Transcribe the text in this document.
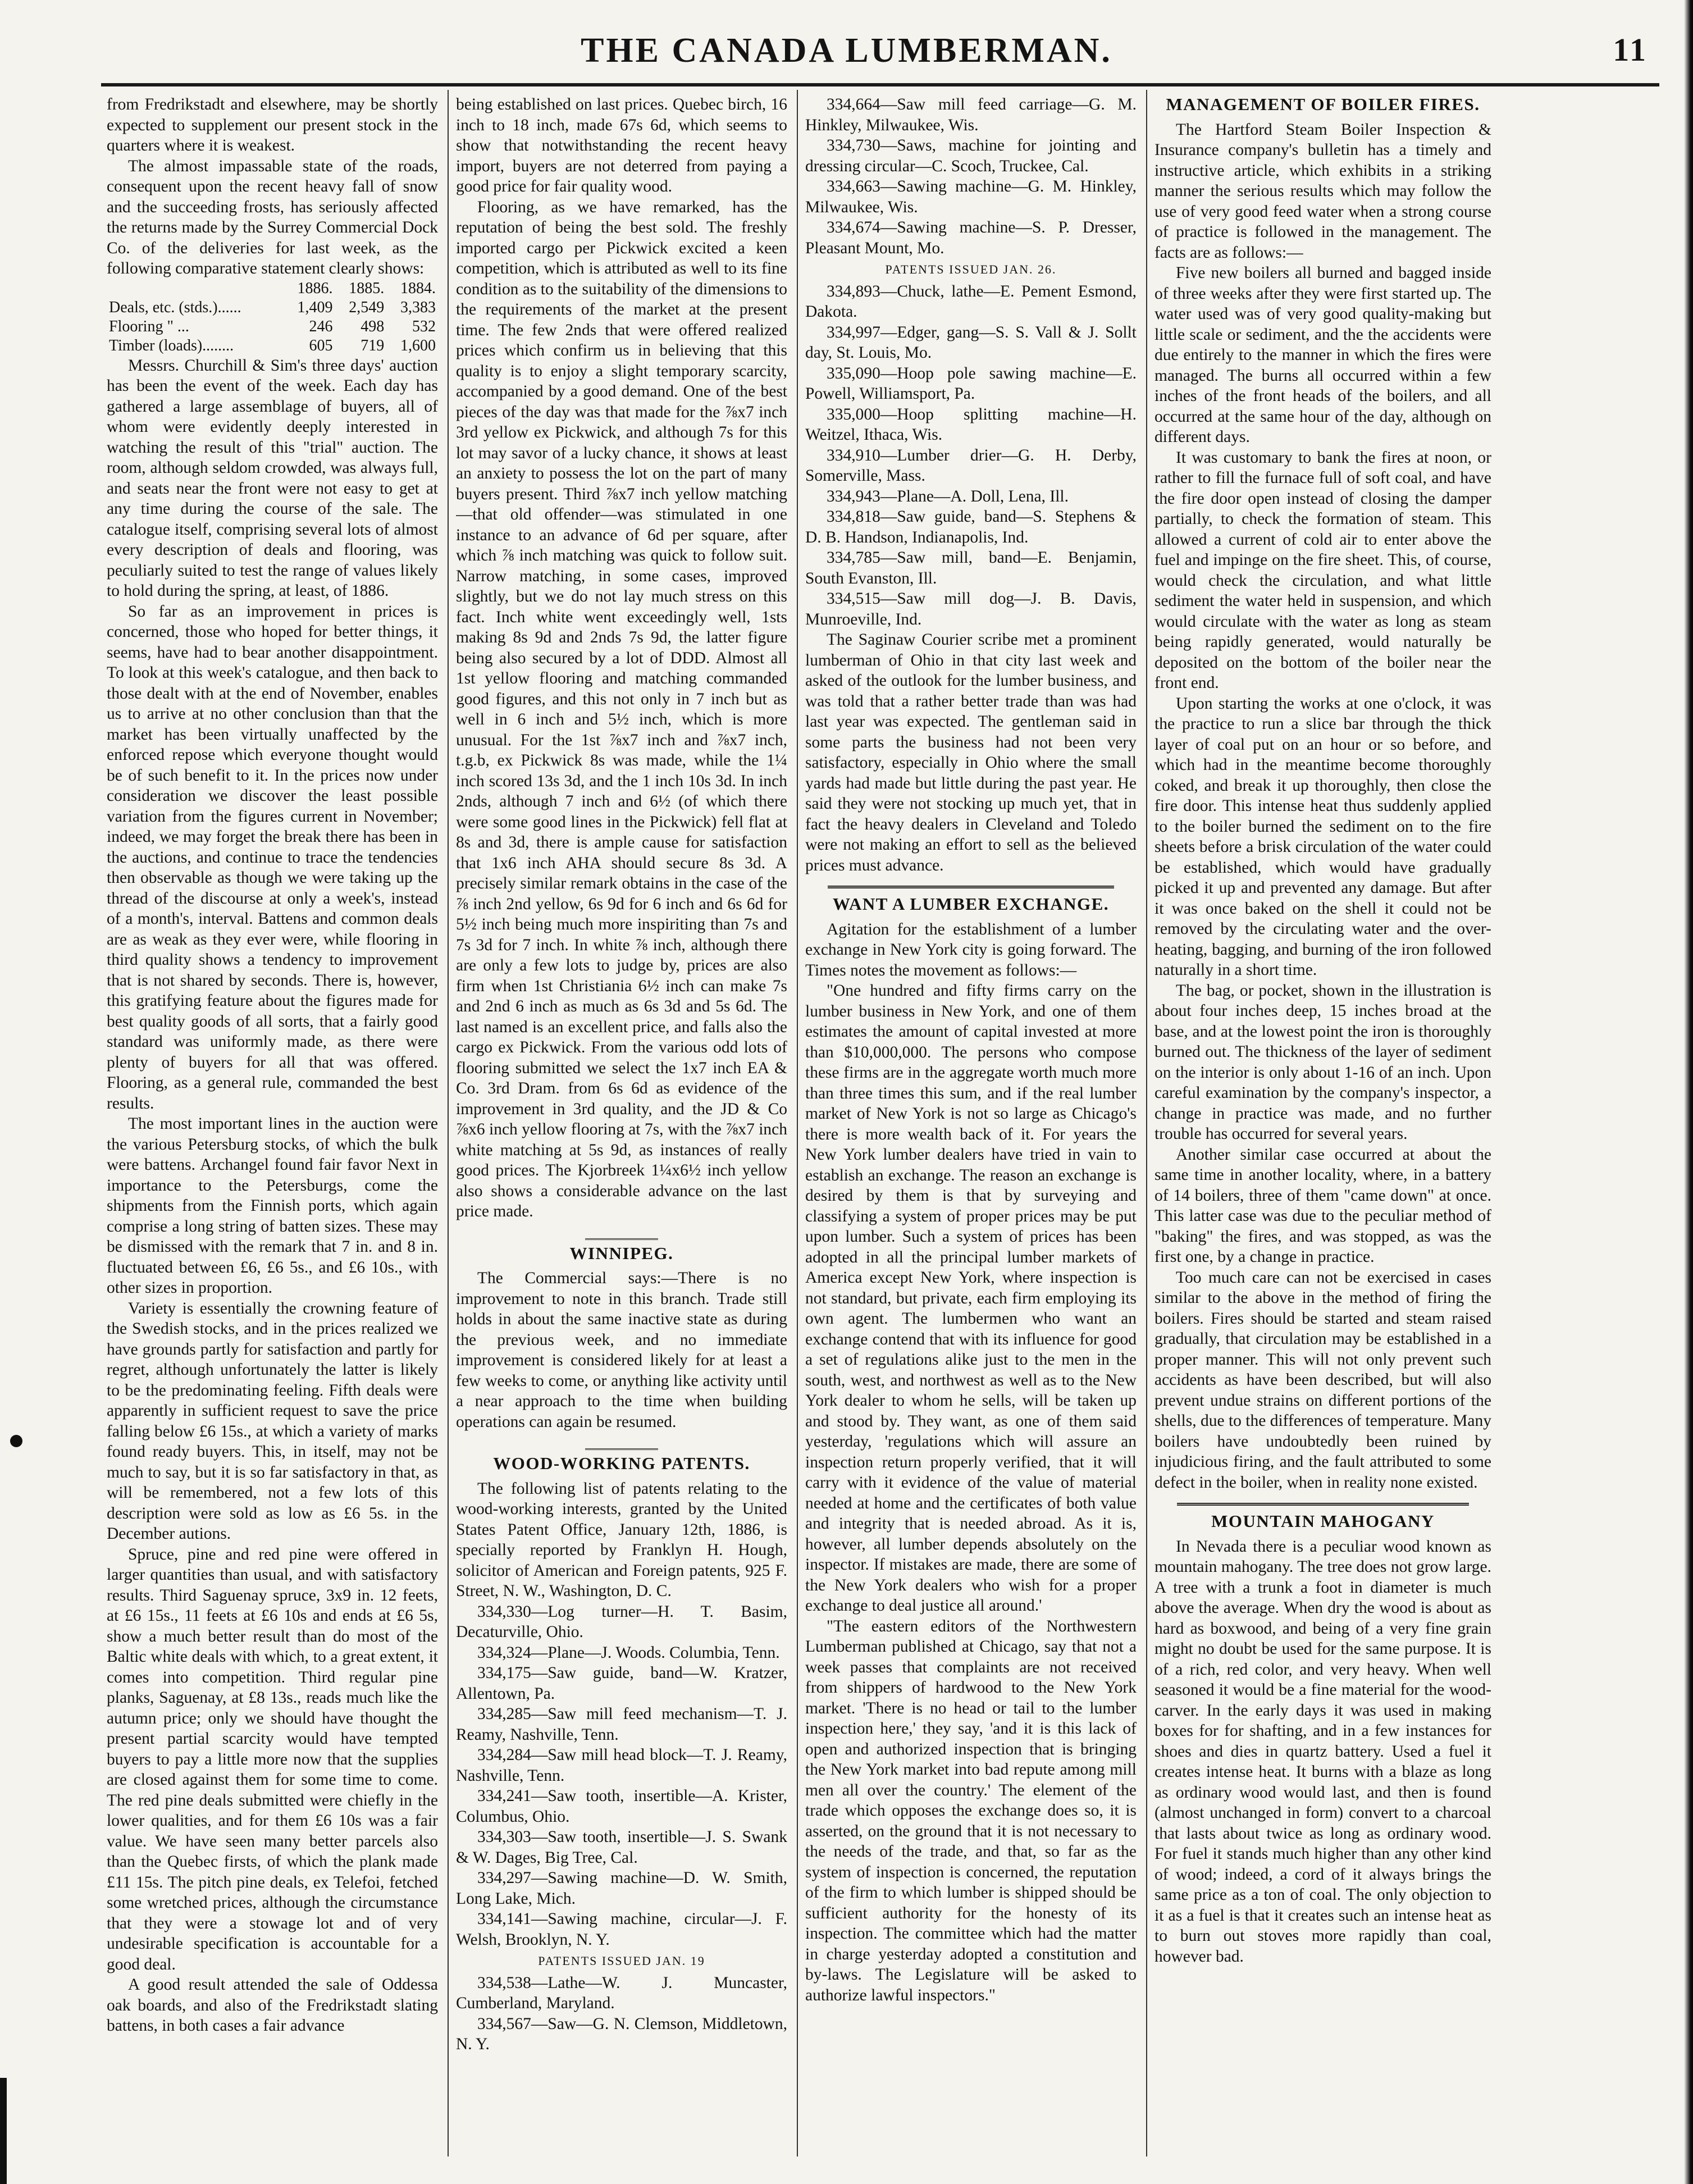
THE CANADA LUMBERMAN.	11

from Fredrikstadt and elsewhere, may be shortly expected to supplement our present stock in the quarters where it is weakest.

The almost impassable state of the roads, consequent upon the recent heavy fall of snow and the succeeding frosts, has seriously affected the returns made by the Surrey Commercial Dock Co. of the deliveries for last week, as the following comparative statement clearly shows:

	1886.	1885.	1884.
Deals, etc. (stds.)......	1,409	2,549	3,383
Flooring " ...	246	498	532
Timber (loads)........	605	719	1,600

Messrs. Churchill & Sim's three days' auction has been the event of the week. Each day has gathered a large assemblage of buyers, all of whom were evidently deeply interested in watching the result of this "trial" auction. The room, although seldom crowded, was always full, and seats near the front were not easy to get at any time during the course of the sale. The catalogue itself, comprising several lots of almost every description of deals and flooring, was peculiarly suited to test the range of values likely to hold during the spring, at least, of 1886.

So far as an improvement in prices is concerned, those who hoped for better things, it seems, have had to bear another disappointment. To look at this week's catalogue, and then back to those dealt with at the end of November, enables us to arrive at no other conclusion than that the market has been virtually unaffected by the enforced repose which everyone thought would be of such benefit to it. In the prices now under consideration we discover the least possible variation from the figures current in November; indeed, we may forget the break there has been in the auctions, and continue to trace the tendencies then observable as though we were taking up the thread of the discourse at only a week's, instead of a month's, interval. Battens and common deals are as weak as they ever were, while flooring in third quality shows a tendency to improvement that is not shared by seconds. There is, however, this gratifying feature about the figures made for best quality goods of all sorts, that a fairly good standard was uniformly made, as there were plenty of buyers for all that was offered. Flooring, as a general rule, commanded the best results.

The most important lines in the auction were the various Petersburg stocks, of which the bulk were battens. Archangel found fair favor Next in importance to the Petersburgs, come the shipments from the Finnish ports, which again comprise a long string of batten sizes. These may be dismissed with the remark that 7 in. and 8 in. fluctuated between £6, £6 5s., and £6 10s., with other sizes in proportion.

Variety is essentially the crowning feature of the Swedish stocks, and in the prices realized we have grounds partly for satisfaction and partly for regret, although unfortunately the latter is likely to be the predominating feeling. Fifth deals were apparently in sufficient request to save the price falling below £6 15s., at which a variety of marks found ready buyers. This, in itself, may not be much to say, but it is so far satisfactory in that, as will be remembered, not a few lots of this description were sold as low as £6 5s. in the December autions.

Spruce, pine and red pine were offered in larger quantities than usual, and with satisfactory results. Third Saguenay spruce, 3x9 in. 12 feets, at £6 15s., 11 feets at £6 10s and ends at £6 5s, show a much better result than do most of the Baltic white deals with which, to a great extent, it comes into competition. Third regular pine planks, Saguenay, at £8 13s., reads much like the autumn price; only we should have thought the present partial scarcity would have tempted buyers to pay a little more now that the supplies are closed against them for some time to come. The red pine deals submitted were chiefly in the lower qualities, and for them £6 10s was a fair value. We have seen many better parcels also than the Quebec firsts, of which the plank made £11 15s. The pitch pine deals, ex Telefoi, fetched some wretched prices, although the circumstance that they were a stowage lot and of very undesirable specification is accountable for a good deal.

A good result attended the sale of Oddessa oak boards, and also of the Fredrikstadt slating battens, in both cases a fair advance

being established on last prices. Quebec birch, 16 inch to 18 inch, made 67s 6d, which seems to show that notwithstanding the recent heavy import, buyers are not deterred from paying a good price for fair quality wood.

Flooring, as we have remarked, has the reputation of being the best sold. The freshly imported cargo per Pickwick excited a keen competition, which is attributed as well to its fine condition as to the suitability of the dimensions to the requirements of the market at the present time. The few 2nds that were offered realized prices which confirm us in believing that this quality is to enjoy a slight temporary scarcity, accompanied by a good demand. One of the best pieces of the day was that made for the ⅞x7 inch 3rd yellow ex Pickwick, and although 7s for this lot may savor of a lucky chance, it shows at least an anxiety to possess the lot on the part of many buyers present. Third ⅞x7 inch yellow matching—that old offender—was stimulated in one instance to an advance of 6d per square, after which ⅞ inch matching was quick to follow suit. Narrow matching, in some cases, improved slightly, but we do not lay much stress on this fact. Inch white went exceedingly well, 1sts making 8s 9d and 2nds 7s 9d, the latter figure being also secured by a lot of DDD. Almost all 1st yellow flooring and matching commanded good figures, and this not only in 7 inch but as well in 6 inch and 5½ inch, which is more unusual. For the 1st ⅞x7 inch and ⅞x7 inch, t.g.b, ex Pickwick 8s was made, while the 1¼ inch scored 13s 3d, and the 1 inch 10s 3d. In inch 2nds, although 7 inch and 6½ (of which there were some good lines in the Pickwick) fell flat at 8s and 3d, there is ample cause for satisfaction that 1x6 inch AHA should secure 8s 3d. A precisely similar remark obtains in the case of the ⅞ inch 2nd yellow, 6s 9d for 6 inch and 6s 6d for 5½ inch being much more inspiriting than 7s and 7s 3d for 7 inch. In white ⅞ inch, although there are only a few lots to judge by, prices are also firm when 1st Christiania 6½ inch can make 7s and 2nd 6 inch as much as 6s 3d and 5s 6d. The last named is an excellent price, and falls also the cargo ex Pickwick. From the various odd lots of flooring submitted we select the 1x7 inch EA & Co. 3rd Dram. from 6s 6d as evidence of the improvement in 3rd quality, and the JD & Co ⅞x6 inch yellow flooring at 7s, with the ⅞x7 inch white matching at 5s 9d, as instances of really good prices. The Kjorbreek 1¼x6½ inch yellow also shows a considerable advance on the last price made.

WINNIPEG.

The Commercial says:—There is no improvement to note in this branch. Trade still holds in about the same inactive state as during the previous week, and no immediate improvement is considered likely for at least a few weeks to come, or anything like activity until a near approach to the time when building operations can again be resumed.

WOOD-WORKING PATENTS.

The following list of patents relating to the wood-working interests, granted by the United States Patent Office, January 12th, 1886, is specially reported by Franklyn H. Hough, solicitor of American and Foreign patents, 925 F. Street, N. W., Washington, D. C.

334,330—Log turner—H. T. Basim, Decaturville, Ohio.

334,324—Plane—J. Woods. Columbia, Tenn.

334,175—Saw guide, band—W. Kratzer, Allentown, Pa.

334,285—Saw mill feed mechanism—T. J. Reamy, Nashville, Tenn.

334,284—Saw mill head block—T. J. Reamy, Nashville, Tenn.

334,241—Saw tooth, insertible—A. Krister, Columbus, Ohio.

334,303—Saw tooth, insertible—J. S. Swank & W. Dages, Big Tree, Cal.

334,297—Sawing machine—D. W. Smith, Long Lake, Mich.

334,141—Sawing machine, circular—J. F. Welsh, Brooklyn, N. Y.

PATENTS ISSUED JAN. 19

334,538—Lathe—W. J. Muncaster, Cumberland, Maryland.

334,567—Saw—G. N. Clemson, Middletown, N. Y.

334,664—Saw mill feed carriage—G. M. Hinkley, Milwaukee, Wis.

334,730—Saws, machine for jointing and dressing circular—C. Scoch, Truckee, Cal.

334,663—Sawing machine—G. M. Hinkley, Milwaukee, Wis.

334,674—Sawing machine—S. P. Dresser, Pleasant Mount, Mo.

PATENTS ISSUED JAN. 26.

334,893—Chuck, lathe—E. Pement Esmond, Dakota.

334,997—Edger, gang—S. S. Vall & J. Sollt day, St. Louis, Mo.

335,090—Hoop pole sawing machine—E. Powell, Williamsport, Pa.

335,000—Hoop splitting machine—H. Weitzel, Ithaca, Wis.

334,910—Lumber drier—G. H. Derby, Somerville, Mass.

334,943—Plane—A. Doll, Lena, Ill.

334,818—Saw guide, band—S. Stephens & D. B. Handson, Indianapolis, Ind.

334,785—Saw mill, band—E. Benjamin, South Evanston, Ill.

334,515—Saw mill dog—J. B. Davis, Munroeville, Ind.

The Saginaw Courier scribe met a prominent lumberman of Ohio in that city last week and asked of the outlook for the lumber business, and was told that a rather better trade than was had last year was expected. The gentleman said in some parts the business had not been very satisfactory, especially in Ohio where the small yards had made but little during the past year. He said they were not stocking up much yet, that in fact the heavy dealers in Cleveland and Toledo were not making an effort to sell as the believed prices must advance.

WANT A LUMBER EXCHANGE.

Agitation for the establishment of a lumber exchange in New York city is going forward. The Times notes the movement as follows:—

"One hundred and fifty firms carry on the lumber business in New York, and one of them estimates the amount of capital invested at more than $10,000,000. The persons who compose these firms are in the aggregate worth much more than three times this sum, and if the real lumber market of New York is not so large as Chicago's there is more wealth back of it. For years the New York lumber dealers have tried in vain to establish an exchange. The reason an exchange is desired by them is that by surveying and classifying a system of proper prices may be put upon lumber. Such a system of prices has been adopted in all the principal lumber markets of America except New York, where inspection is not standard, but private, each firm employing its own agent. The lumbermen who want an exchange contend that with its influence for good a set of regulations alike just to the men in the south, west, and northwest as well as to the New York dealer to whom he sells, will be taken up and stood by. They want, as one of them said yesterday, 'regulations which will assure an inspection return properly verified, that it will carry with it evidence of the value of material needed at home and the certificates of both value and integrity that is needed abroad. As it is, however, all lumber depends absolutely on the inspector. If mistakes are made, there are some of the New York dealers who wish for a proper exchange to deal justice all around.'

"The eastern editors of the Northwestern Lumberman published at Chicago, say that not a week passes that complaints are not received from shippers of hardwood to the New York market. 'There is no head or tail to the lumber inspection here,' they say, 'and it is this lack of open and authorized inspection that is bringing the New York market into bad repute among mill men all over the country.' The element of the trade which opposes the exchange does so, it is asserted, on the ground that it is not necessary to the needs of the trade, and that, so far as the system of inspection is concerned, the reputation of the firm to which lumber is shipped should be sufficient authority for the honesty of its inspection. The committee which had the matter in charge yesterday adopted a constitution and by-laws. The Legislature will be asked to authorize lawful inspectors."

MANAGEMENT OF BOILER FIRES.

The Hartford Steam Boiler Inspection & Insurance company's bulletin has a timely and instructive article, which exhibits in a striking manner the serious results which may follow the use of very good feed water when a strong course of practice is followed in the management. The facts are as follows:—

Five new boilers all burned and bagged inside of three weeks after they were first started up. The water used was of very good quality-making but little scale or sediment, and the the accidents were due entirely to the manner in which the fires were managed. The burns all occurred within a few inches of the front heads of the boilers, and all occurred at the same hour of the day, although on different days.

It was customary to bank the fires at noon, or rather to fill the furnace full of soft coal, and have the fire door open instead of closing the damper partially, to check the formation of steam. This allowed a current of cold air to enter above the fuel and impinge on the fire sheet. This, of course, would check the circulation, and what little sediment the water held in suspension, and which would circulate with the water as long as steam being rapidly generated, would naturally be deposited on the bottom of the boiler near the front end.

Upon starting the works at one o'clock, it was the practice to run a slice bar through the thick layer of coal put on an hour or so before, and which had in the meantime become thoroughly coked, and break it up thoroughly, then close the fire door. This intense heat thus suddenly applied to the boiler burned the sediment on to the fire sheets before a brisk circulation of the water could be established, which would have gradually picked it up and prevented any damage. But after it was once baked on the shell it could not be removed by the circulating water and the over-heating, bagging, and burning of the iron followed naturally in a short time.

The bag, or pocket, shown in the illustration is about four inches deep, 15 inches broad at the base, and at the lowest point the iron is thoroughly burned out. The thickness of the layer of sediment on the interior is only about 1-16 of an inch. Upon careful examination by the company's inspector, a change in practice was made, and no further trouble has occurred for several years.

Another similar case occurred at about the same time in another locality, where, in a battery of 14 boilers, three of them "came down" at once. This latter case was due to the peculiar method of "baking" the fires, and was stopped, as was the first one, by a change in practice.

Too much care can not be exercised in cases similar to the above in the method of firing the boilers. Fires should be started and steam raised gradually, that circulation may be established in a proper manner. This will not only prevent such accidents as have been described, but will also prevent undue strains on different portions of the shells, due to the differences of temperature. Many boilers have undoubtedly been ruined by injudicious firing, and the fault attributed to some defect in the boiler, when in reality none existed.

MOUNTAIN MAHOGANY

In Nevada there is a peculiar wood known as mountain mahogany. The tree does not grow large. A tree with a trunk a foot in diameter is much above the average. When dry the wood is about as hard as boxwood, and being of a very fine grain might no doubt be used for the same purpose. It is of a rich, red color, and very heavy. When well seasoned it would be a fine material for the wood-carver. In the early days it was used in making boxes for for shafting, and in a few instances for shoes and dies in quartz battery. Used a fuel it creates intense heat. It burns with a blaze as long as ordinary wood would last, and then is found (almost unchanged in form) convert to a charcoal that lasts about twice as long as ordinary wood. For fuel it stands much higher than any other kind of wood; indeed, a cord of it always brings the same price as a ton of coal. The only objection to it as a fuel is that it creates such an intense heat as to burn out stoves more rapidly than coal, however bad.
